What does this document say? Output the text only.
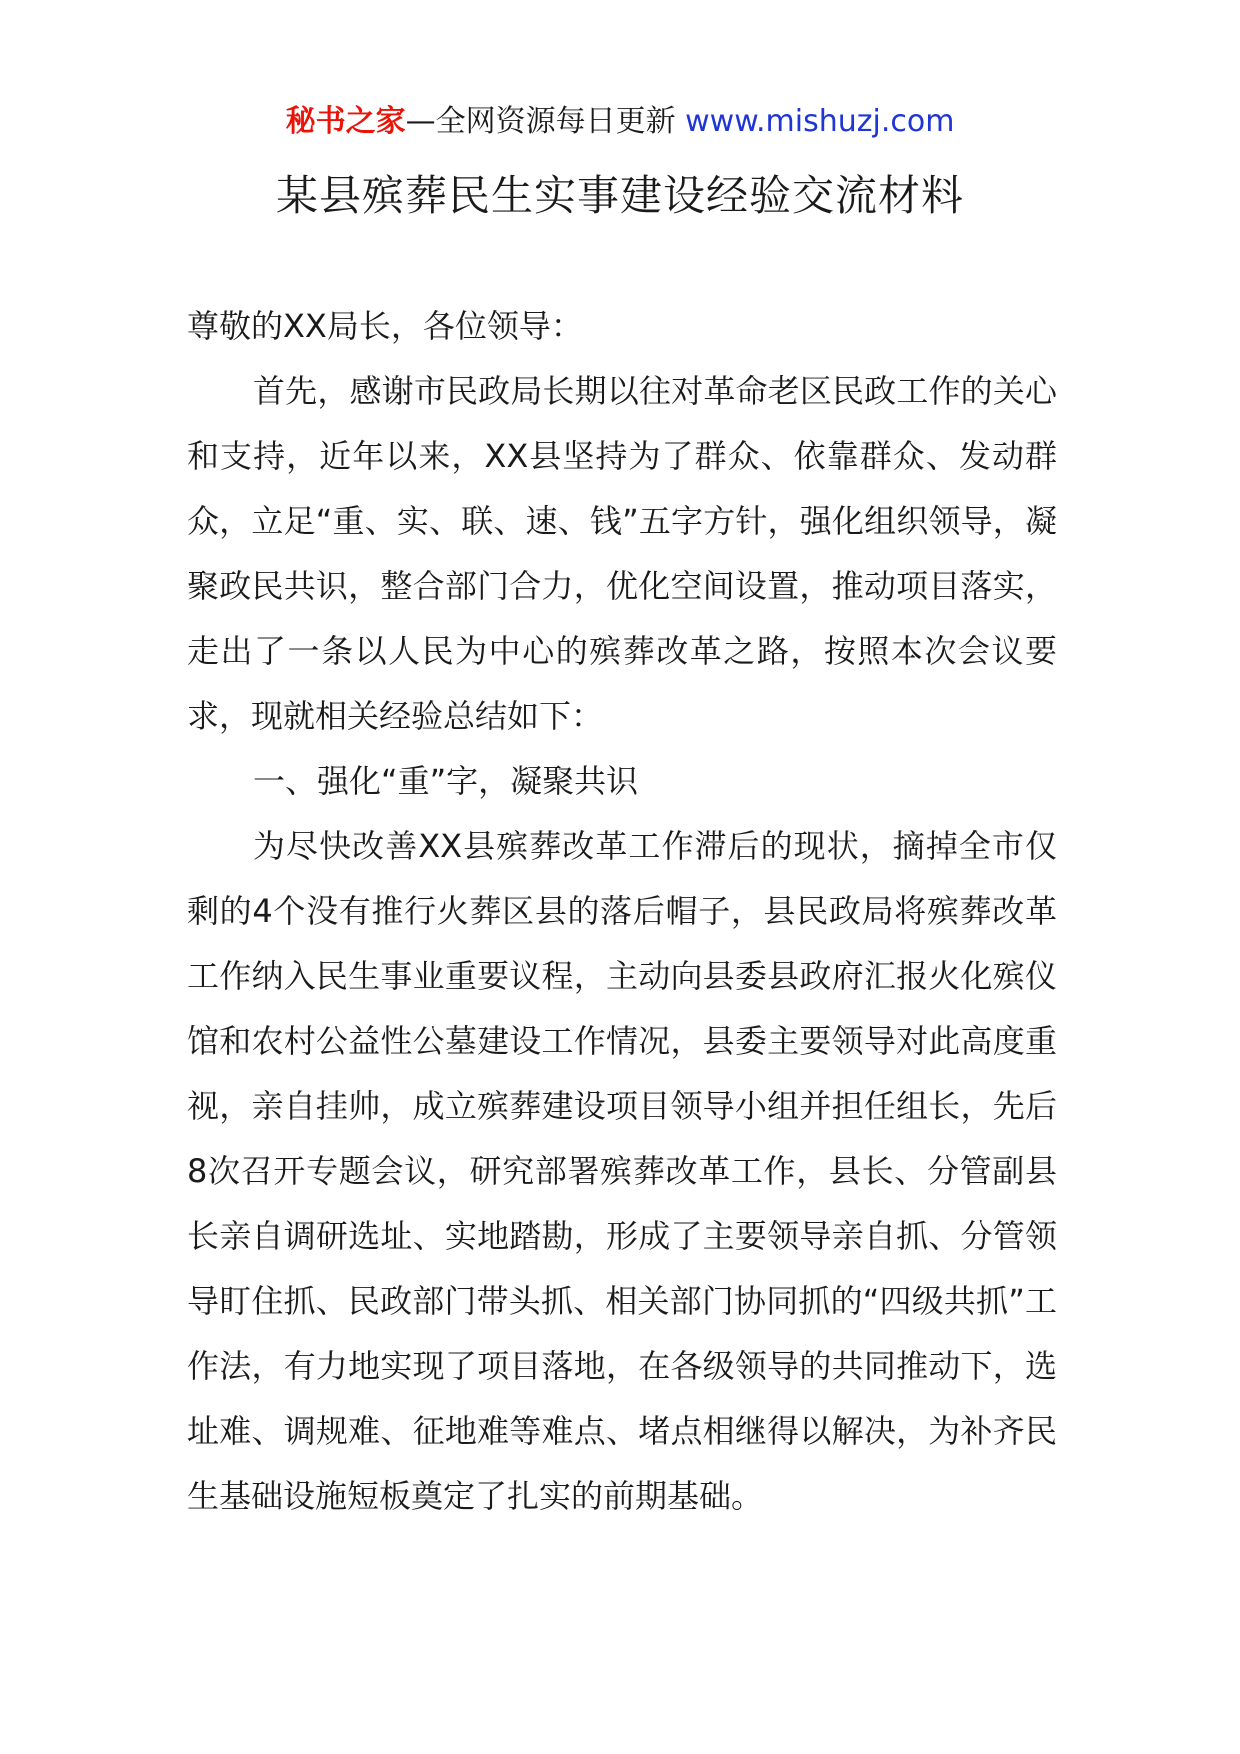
秘书之家—全网资源每日更新 www.mishuzj.com
某县殡葬民生实事建设经验交流材料

尊敬的XX局长，各位领导：

首先，感谢市民政局长期以往对革命老区民政工作的关心和支持，近年以来，XX县坚持为了群众、依靠群众、发动群众，立足“重、实、联、速、钱”五字方针，强化组织领导，凝聚政民共识，整合部门合力，优化空间设置，推动项目落实，走出了一条以人民为中心的殡葬改革之路，按照本次会议要求，现就相关经验总结如下：

一、强化“重”字，凝聚共识

为尽快改善XX县殡葬改革工作滞后的现状，摘掉全市仅剩的4个没有推行火葬区县的落后帽子，县民政局将殡葬改革工作纳入民生事业重要议程，主动向县委县政府汇报火化殡仪馆和农村公益性公墓建设工作情况，县委主要领导对此高度重视，亲自挂帅，成立殡葬建设项目领导小组并担任组长，先后8次召开专题会议，研究部署殡葬改革工作，县长、分管副县长亲自调研选址、实地踏勘，形成了主要领导亲自抓、分管领导盯住抓、民政部门带头抓、相关部门协同抓的“四级共抓”工作法，有力地实现了项目落地，在各级领导的共同推动下，选址难、调规难、征地难等难点、堵点相继得以解决，为补齐民生基础设施短板奠定了扎实的前期基础。
